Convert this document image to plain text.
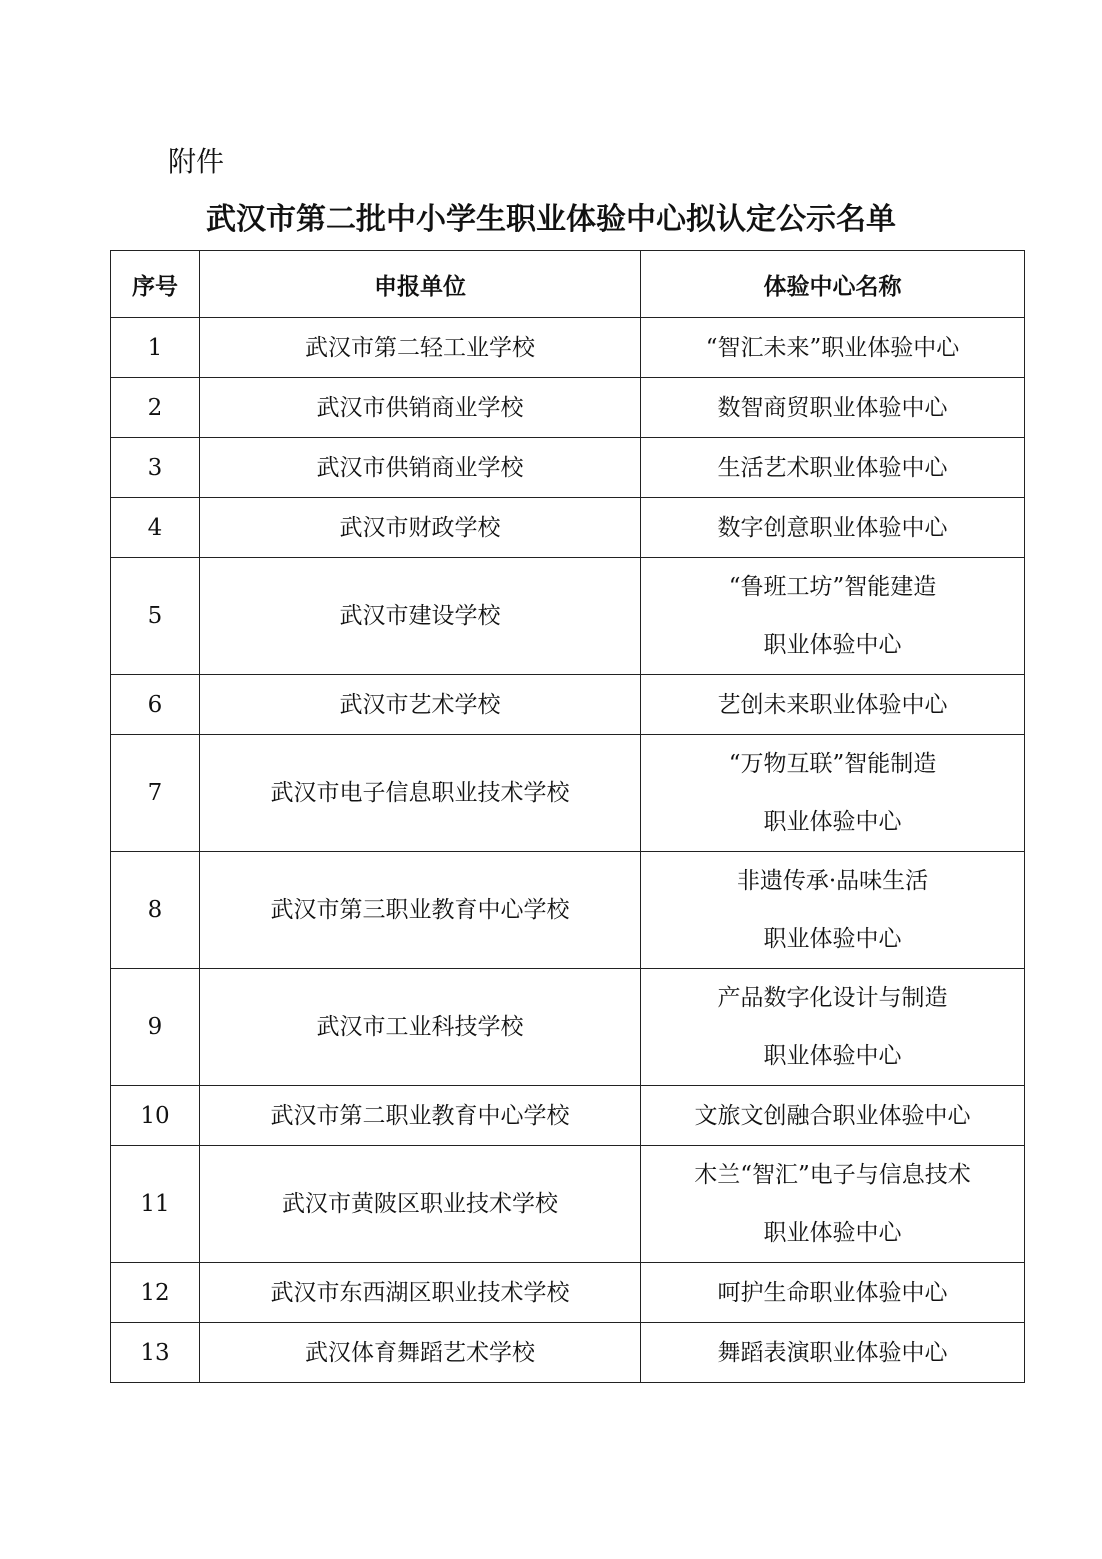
附件

武汉市第二批中小学生职业体验中心拟认定公示名单
序号	申报单位	体验中心名称
1	武汉市第二轻工业学校	“智汇未来”职业体验中心

2	武汉市供销商业学校	数智商贸职业体验中心

3	武汉市供销商业学校	生活艺术职业体验中心

4	武汉市财政学校	数字创意职业体验中心

5	武汉市建设学校	“鲁班工坊”智能建造
职业体验中心

6	武汉市艺术学校	艺创未来职业体验中心

7	武汉市电子信息职业技术学校	“万物互联”智能制造
职业体验中心

8	武汉市第三职业教育中心学校	非遗传承·品味生活
职业体验中心

9	武汉市工业科技学校	产品数字化设计与制造
职业体验中心

10	武汉市第二职业教育中心学校	文旅文创融合职业体验中心

11	武汉市黄陂区职业技术学校	木兰“智汇”电子与信息技术
职业体验中心

12	武汉市东西湖区职业技术学校	呵护生命职业体验中心

13	武汉体育舞蹈艺术学校	舞蹈表演职业体验中心
